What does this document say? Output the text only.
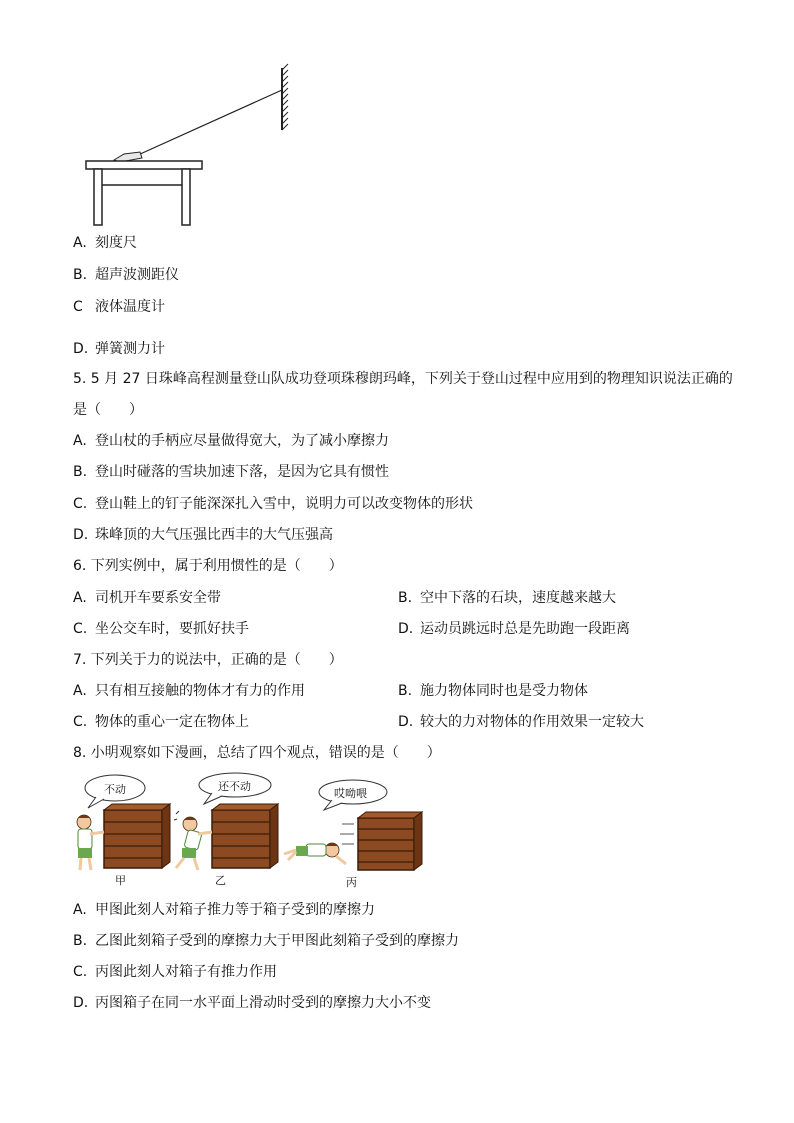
A. 刻度尺
B. 超声波测距仪
C 液体温度计
D. 弹簧测力计
5. 5 月 27 日珠峰高程测量登山队成功登项珠穆朗玛峰，下列关于登山过程中应用到的物理知识说法正确的
是（　　）
A. 登山杖的手柄应尽量做得宽大，为了减小摩擦力
B. 登山时碰落的雪块加速下落，是因为它具有惯性
C. 登山鞋上的钉子能深深扎入雪中，说明力可以改变物体的形状
D. 珠峰顶的大气压强比西丰的大气压强高
6. 下列实例中，属于利用惯性的是（　　）
A. 司机开车要系安全带	B. 空中下落的石块，速度越来越大
C. 坐公交车时，要抓好扶手	D. 运动员跳远时总是先助跑一段距离
7. 下列关于力的说法中，正确的是（　　）
A. 只有相互接触的物体才有力的作用	B. 施力物体同时也是受力物体
C. 物体的重心一定在物体上	D. 较大的力对物体的作用效果一定较大
8. 小明观察如下漫画，总结了四个观点，错误的是（　　）
不动	还不动
哎呦喂
甲	乙	丙
A. 甲图此刻人对箱子推力等于箱子受到的摩擦力
B. 乙图此刻箱子受到的摩擦力大于甲图此刻箱子受到的摩擦力
C. 丙图此刻人对箱子有推力作用
D. 丙图箱子在同一水平面上滑动时受到的摩擦力大小不变
